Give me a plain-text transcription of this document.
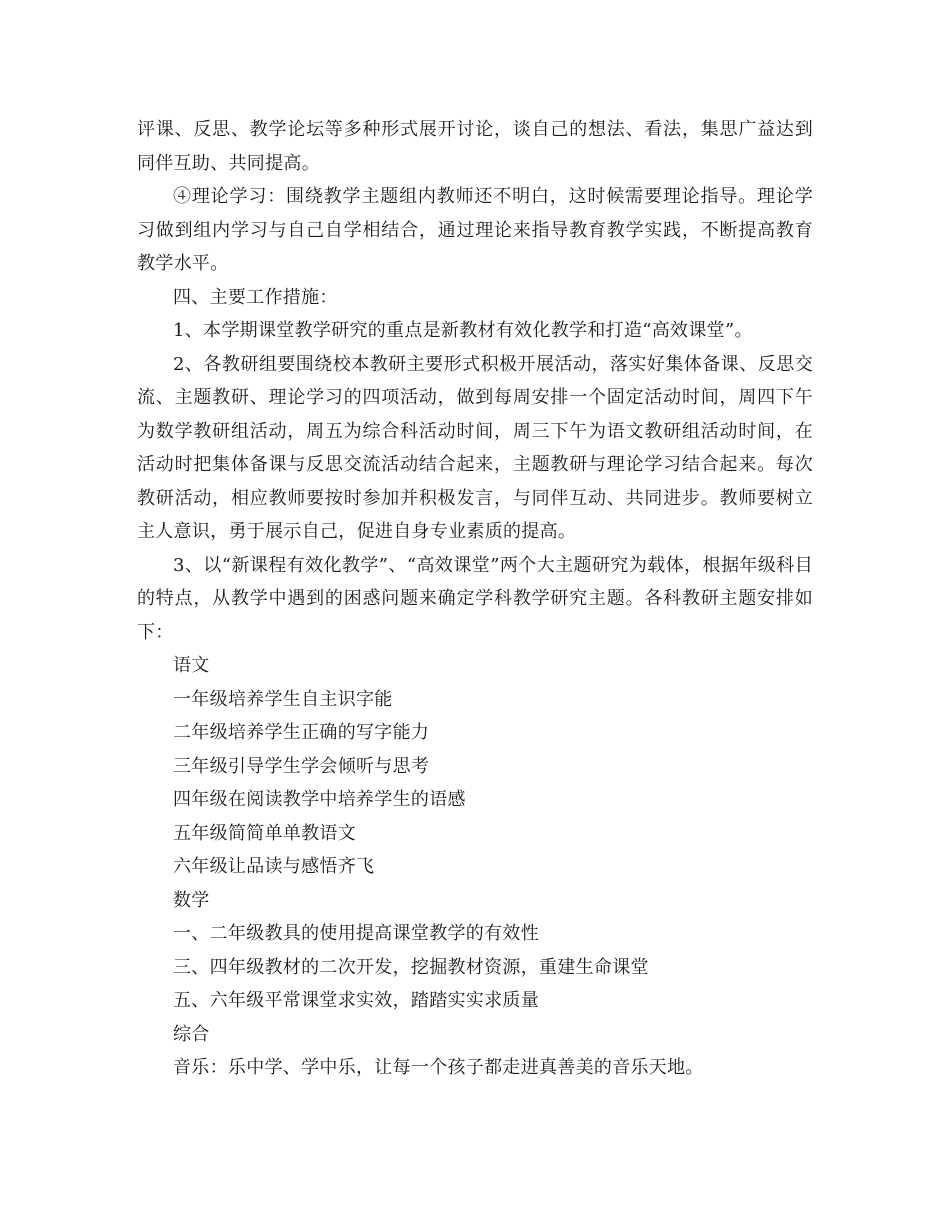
评课、反思、教学论坛等多种形式展开讨论，谈自己的想法、看法，集思广益达到同伴互助、共同提高。

④理论学习：围绕教学主题组内教师还不明白，这时候需要理论指导。理论学习做到组内学习与自己自学相结合，通过理论来指导教育教学实践，不断提高教育教学水平。

四、主要工作措施：

1、本学期课堂教学研究的重点是新教材有效化教学和打造“高效课堂”。

2、各教研组要围绕校本教研主要形式积极开展活动，落实好集体备课、反思交流、主题教研、理论学习的四项活动，做到每周安排一个固定活动时间，周四下午为数学教研组活动，周五为综合科活动时间，周三下午为语文教研组活动时间，在活动时把集体备课与反思交流活动结合起来，主题教研与理论学习结合起来。每次教研活动，相应教师要按时参加并积极发言，与同伴互动、共同进步。教师要树立主人意识，勇于展示自己，促进自身专业素质的提高。

3、以“新课程有效化教学”、“高效课堂”两个大主题研究为载体，根据年级科目的特点，从教学中遇到的困惑问题来确定学科教学研究主题。各科教研主题安排如下：

语文

一年级培养学生自主识字能

二年级培养学生正确的写字能力

三年级引导学生学会倾听与思考

四年级在阅读教学中培养学生的语感

五年级简简单单教语文

六年级让品读与感悟齐飞

数学

一、二年级教具的使用提高课堂教学的有效性

三、四年级教材的二次开发，挖掘教材资源，重建生命课堂

五、六年级平常课堂求实效，踏踏实实求质量

综合

音乐：乐中学、学中乐，让每一个孩子都走进真善美的音乐天地。
